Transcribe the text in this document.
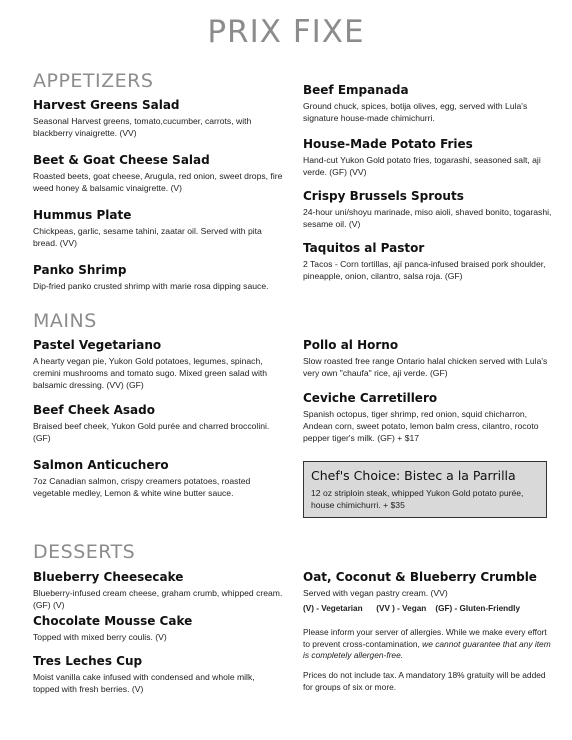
PRIX FIXE
APPETIZERS
MAINS
DESSERTS
Harvest Greens Salad
Seasonal Harvest greens, tomato,cucumber, carrots, with blackberry vinaigrette. (VV)
Beet & Goat Cheese Salad
Roasted beets, goat cheese, Arugula, red onion, sweet drops, fire weed honey & balsamic vinaigrette. (V)
Hummus Plate
Chickpeas, garlic, sesame tahini, zaatar oil. Served with pita bread. (VV)
Panko Shrimp
Dip-fried panko crusted shrimp with marie rosa dipping sauce.
Beef Empanada
Ground chuck, spices, botija olives, egg, served with Lula's signature house-made chimichurri.
House-Made Potato Fries
Hand-cut Yukon Gold potato fries, togarashi, seasoned salt, aji verde. (GF) (VV)
Crispy Brussels Sprouts
24-hour uni/shoyu marinade, miso aioli, shaved bonito, togarashi, sesame oil. (V)
Taquitos al Pastor
2 Tacos - Corn tortillas, ají panca-infused braised pork shoulder, pineapple, onion, cilantro, salsa roja. (GF)
Pastel Vegetariano
A hearty vegan pie, Yukon Gold potatoes, legumes, spinach, cremini mushrooms and tomato sugo. Mixed green salad with balsamic dressing. (VV) (GF)
Beef Cheek Asado
Braised beef cheek, Yukon Gold purée and charred broccolini. (GF)
Salmon Anticuchero
7oz Canadian salmon, crispy creamers potatoes, roasted vegetable medley, Lemon & white wine butter sauce.
Pollo al Horno
Slow roasted free range Ontario halal chicken served with Lula's very own "chaufa" rice, aji verde. (GF)
Ceviche Carretillero
Spanish octopus, tiger shrimp, red onion, squid chicharron, Andean corn, sweet potato, lemon balm cress, cilantro, rocoto pepper tiger's milk. (GF) + $17
Chef's Choice: Bistec a la Parrilla
12 oz striploin steak, whipped Yukon Gold potato purée, house chimichurri. + $35
Blueberry Cheesecake
Blueberry-infused cream cheese, graham crumb, whipped cream. (GF) (V)
Chocolate Mousse Cake
Topped with mixed berry coulis. (V)
Tres Leches Cup
Moist vanilla cake infused with condensed and whole milk, topped with fresh berries. (V)
Oat, Coconut & Blueberry Crumble
Served with vegan pastry cream. (VV)
(V) - Vegetarian      (VV ) - Vegan    (GF) - Gluten-Friendly
Please inform your server of allergies. While we make every effort to prevent cross-contamination, we cannot guarantee that any item is completely allergen-free.
Prices do not include tax. A mandatory 18% gratuity will be added for groups of six or more.
